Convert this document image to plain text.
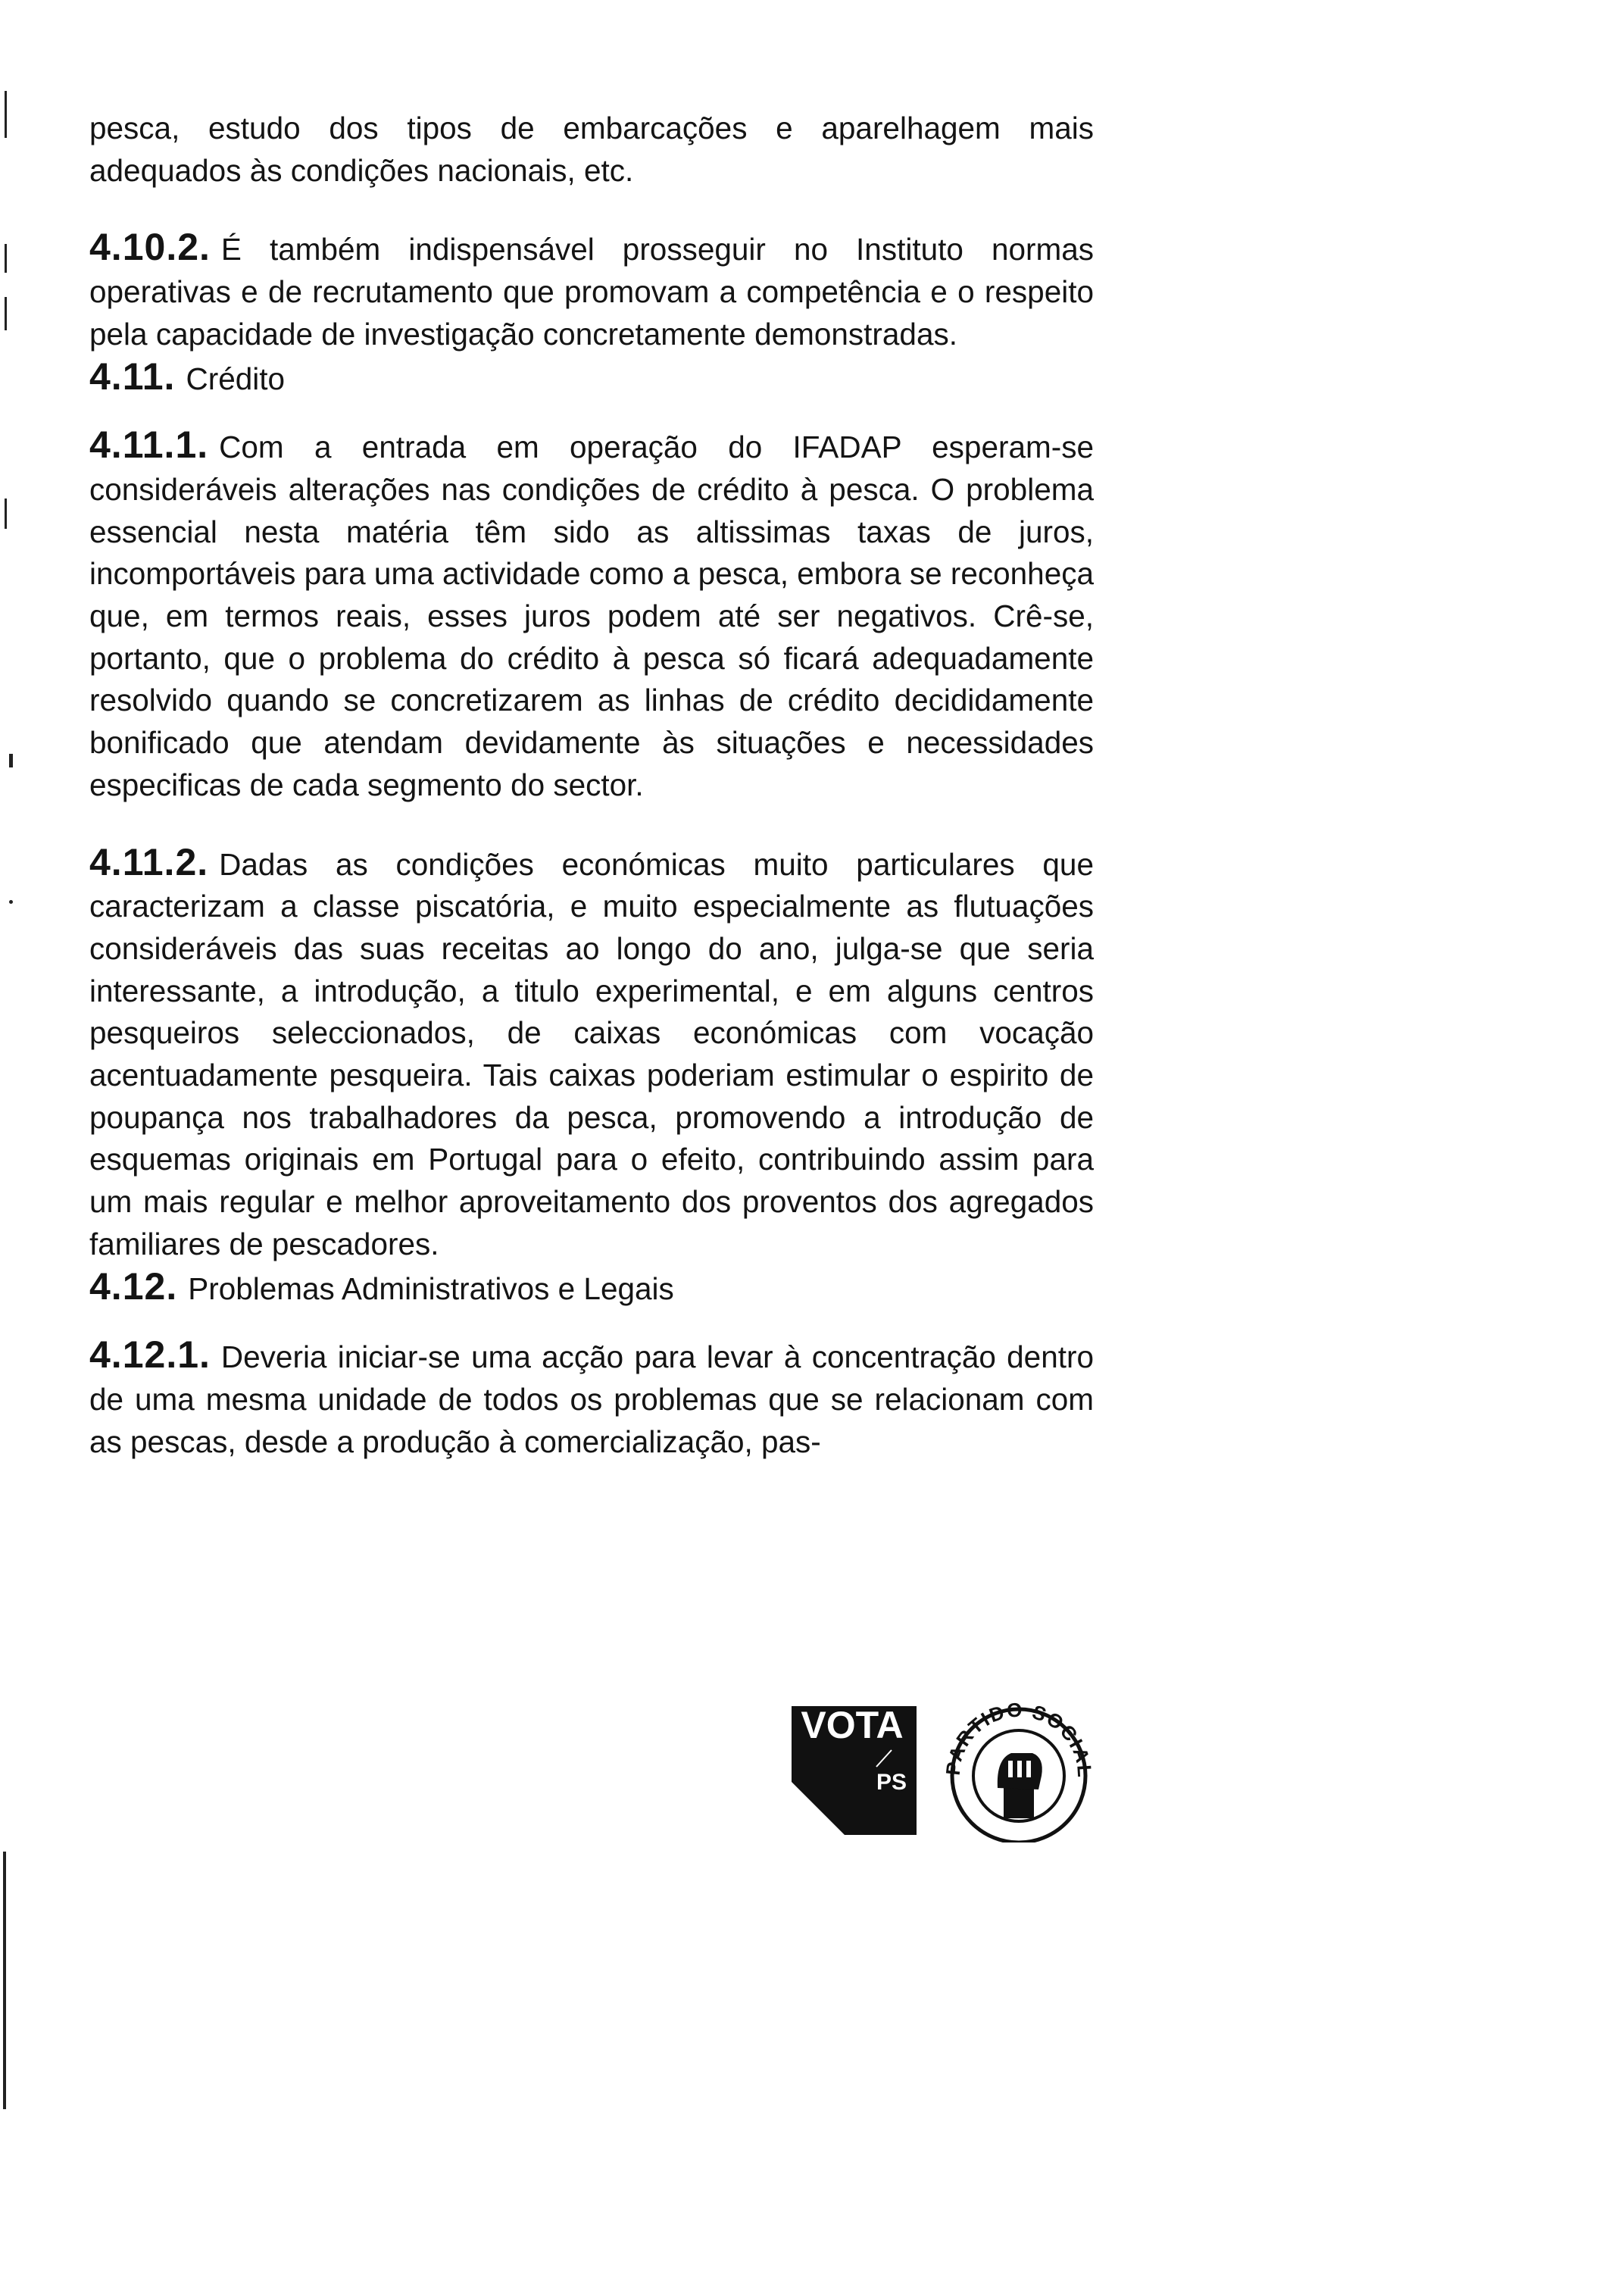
pesca, estudo dos tipos de embarcações e aparelhagem mais adequados às condições nacionais, etc.

4.10.2. É também indispensável prosseguir no Instituto normas operativas e de recrutamento que promovam a competência e o respeito pela capacidade de investigação concretamente demonstradas.

4.11. Crédito

4.11.1. Com a entrada em operação do IFADAP esperam-se consideráveis alterações nas condições de crédito à pesca. O problema essencial nesta matéria têm sido as altissimas taxas de juros, incomportáveis para uma actividade como a pesca, embora se reconheça que, em termos reais, esses juros podem até ser negativos. Crê-se, portanto, que o problema do crédito à pesca só ficará adequadamente resolvido quando se concretizarem as linhas de crédito decididamente bonificado que atendam devidamente às situações e necessidades especificas de cada segmento do sector.

4.11.2. Dadas as condições económicas muito particulares que caracterizam a classe piscatória, e muito especialmente as flutuações consideráveis das suas receitas ao longo do ano, julga-se que seria interessante, a introdução, a titulo experimental, e em alguns centros pesqueiros seleccionados, de caixas económicas com vocação acentuadamente pesqueira. Tais caixas poderiam estimular o espirito de poupança nos trabalhadores da pesca, promovendo a introdução de esquemas originais em Portugal para o efeito, contribuindo assim para um mais regular e melhor aproveitamento dos proventos dos agregados familiares de pescadores.

4.12. Problemas Administrativos e Legais

4.12.1. Deveria iniciar-se uma acção para levar à concentração dentro de uma mesma unidade de todos os problemas que se relacionam com as pescas, desde a produção à comercialização, pas-

VOTA
PS
PARTIDO SOCIAL
